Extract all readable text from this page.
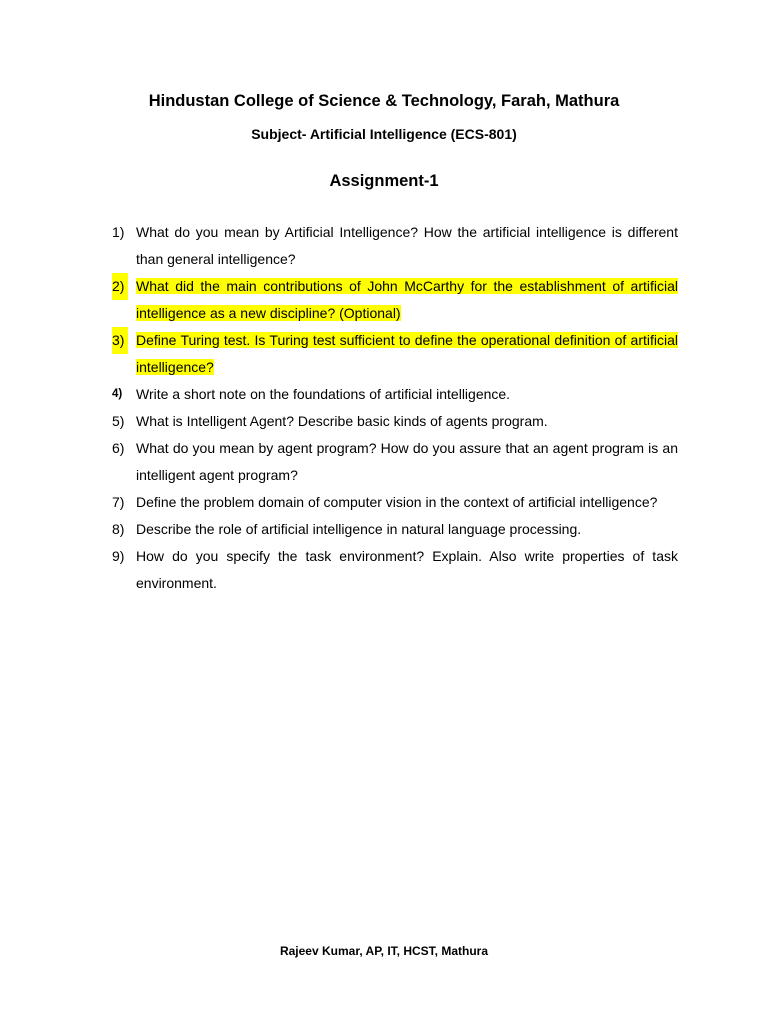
Hindustan College of Science & Technology, Farah, Mathura
Subject- Artificial Intelligence (ECS-801)
Assignment-1
1) What do you mean by Artificial Intelligence? How the artificial intelligence is different than general intelligence?
2) What did the main contributions of John McCarthy for the establishment of artificial intelligence as a new discipline? (Optional)
3) Define Turing test. Is Turing test sufficient to define the operational definition of artificial intelligence?
4) Write a short note on the foundations of artificial intelligence.
5) What is Intelligent Agent? Describe basic kinds of agents program.
6) What do you mean by agent program? How do you assure that an agent program is an intelligent agent program?
7) Define the problem domain of computer vision in the context of artificial intelligence?
8) Describe the role of artificial intelligence in natural language processing.
9) How do you specify the task environment? Explain. Also write properties of task environment.
Rajeev Kumar, AP, IT, HCST, Mathura
